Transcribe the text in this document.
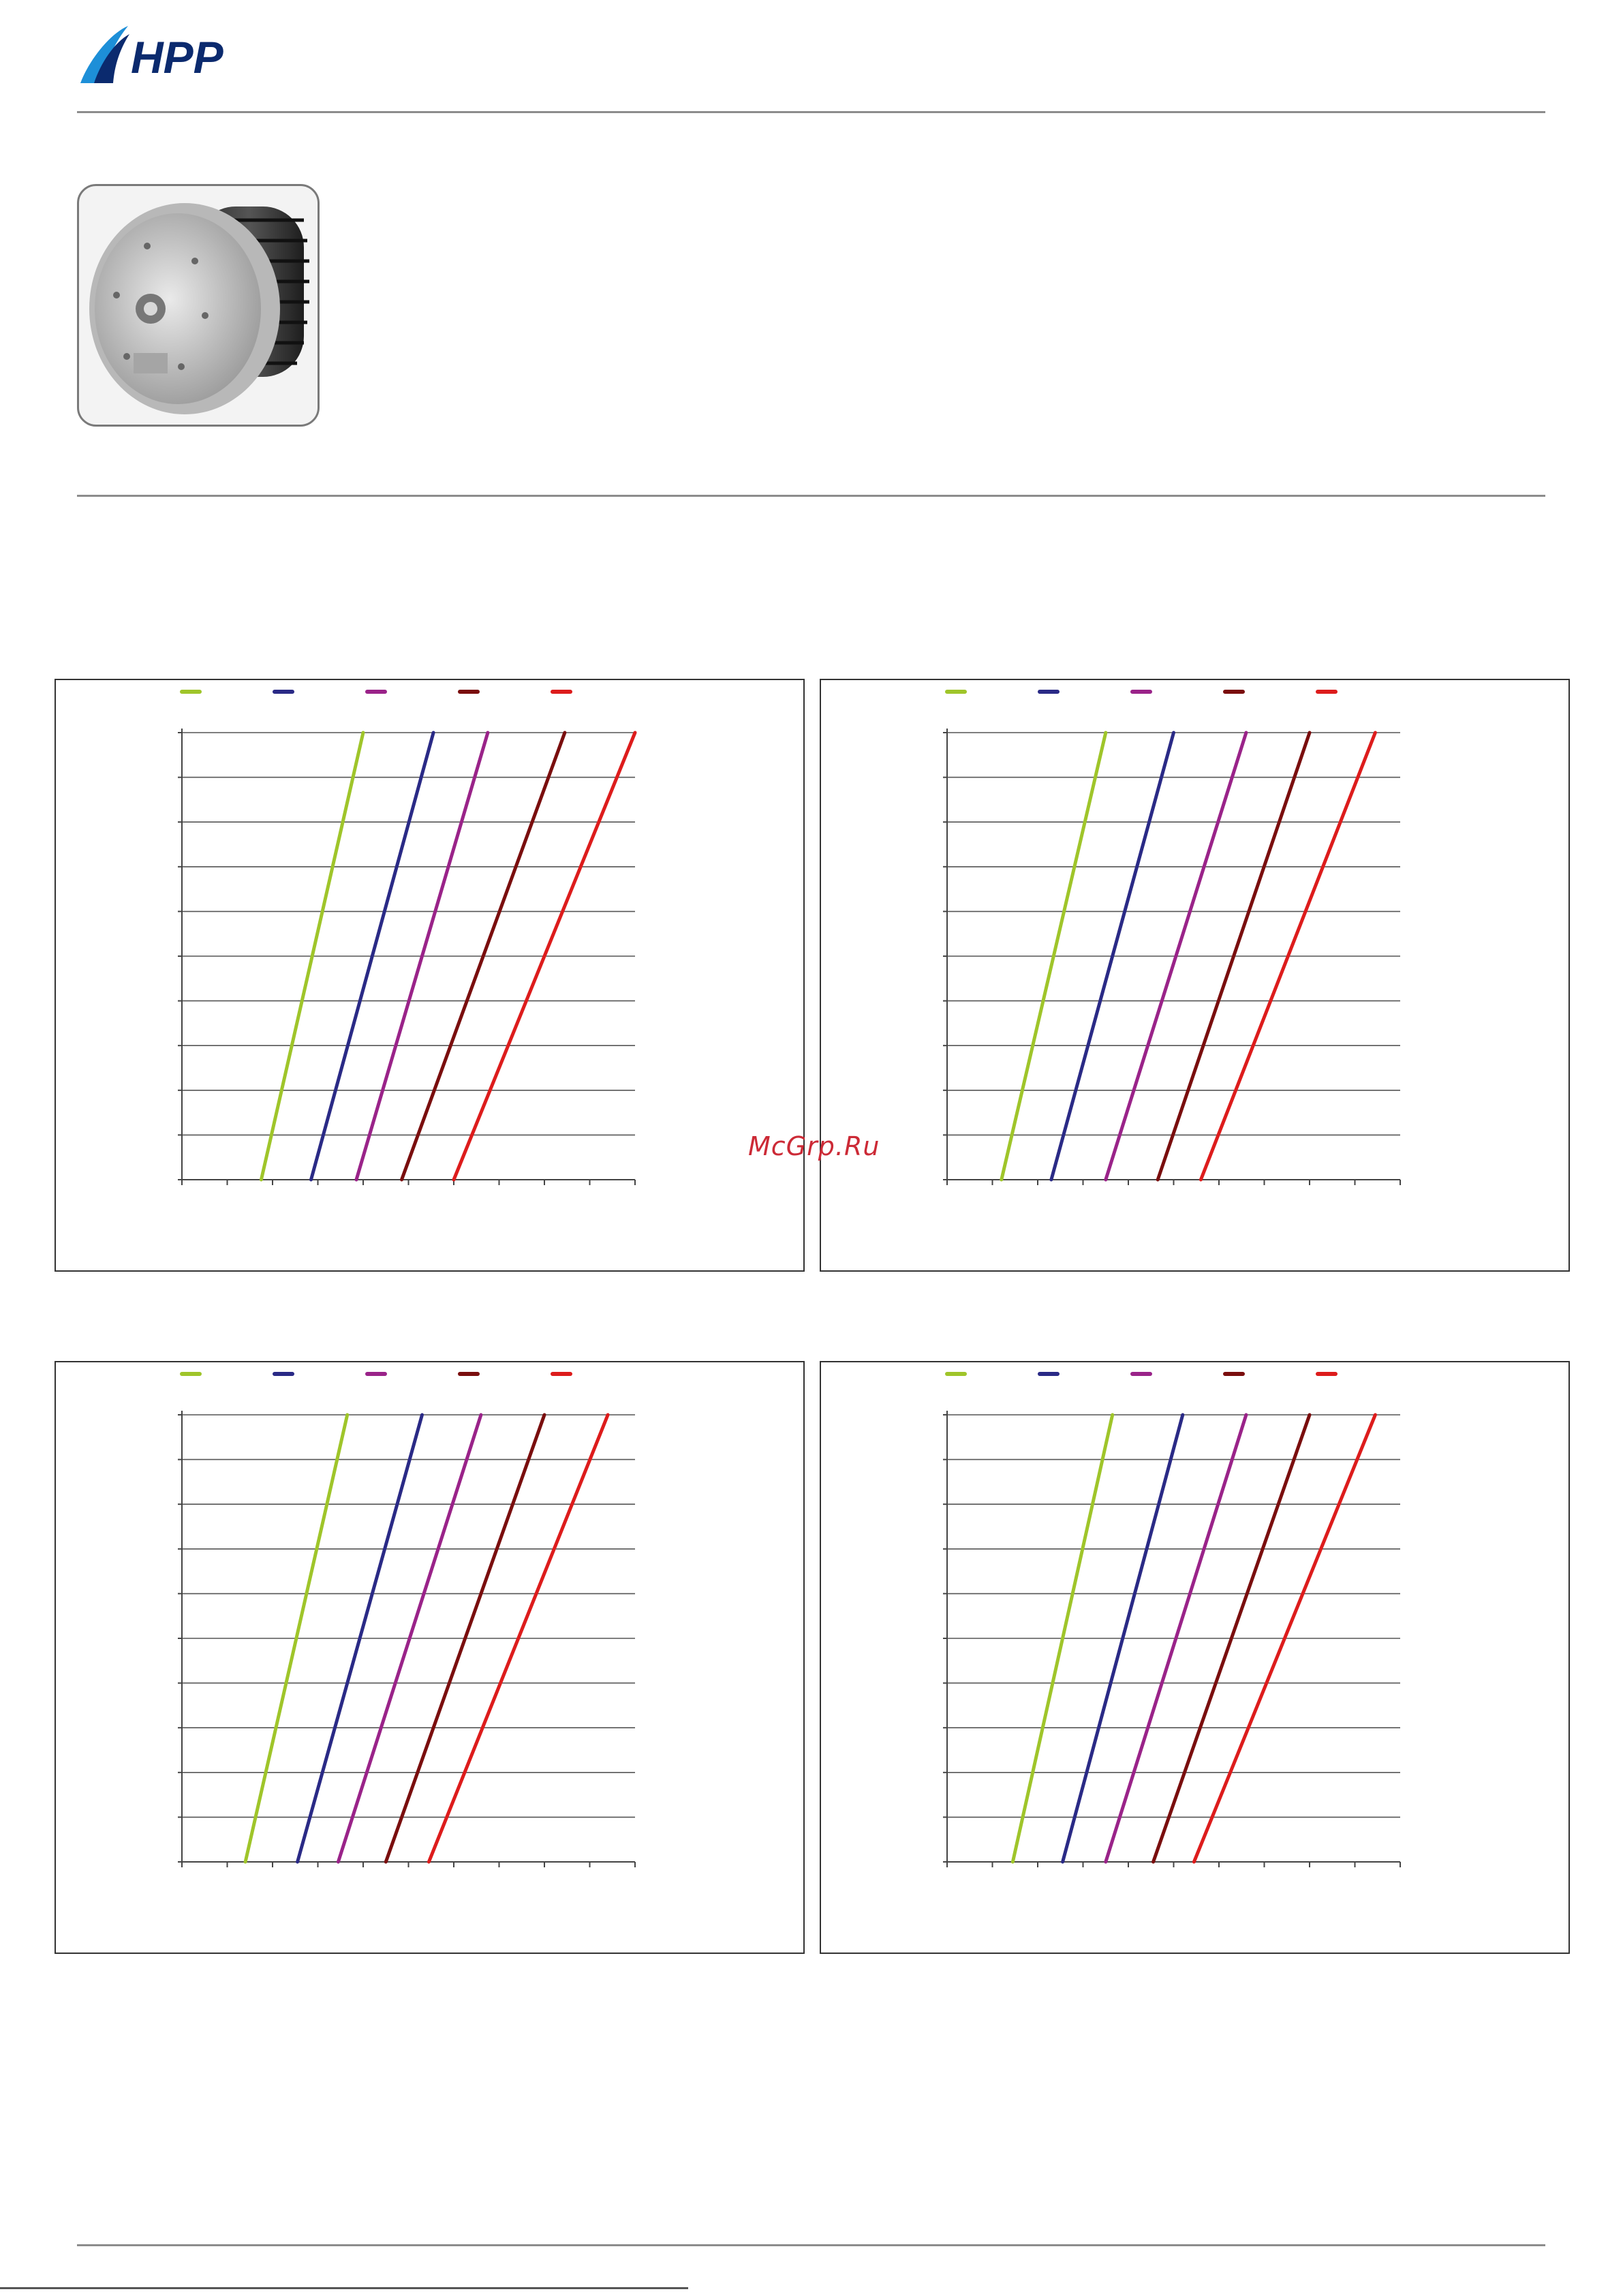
HPP
McGrp.Ru
